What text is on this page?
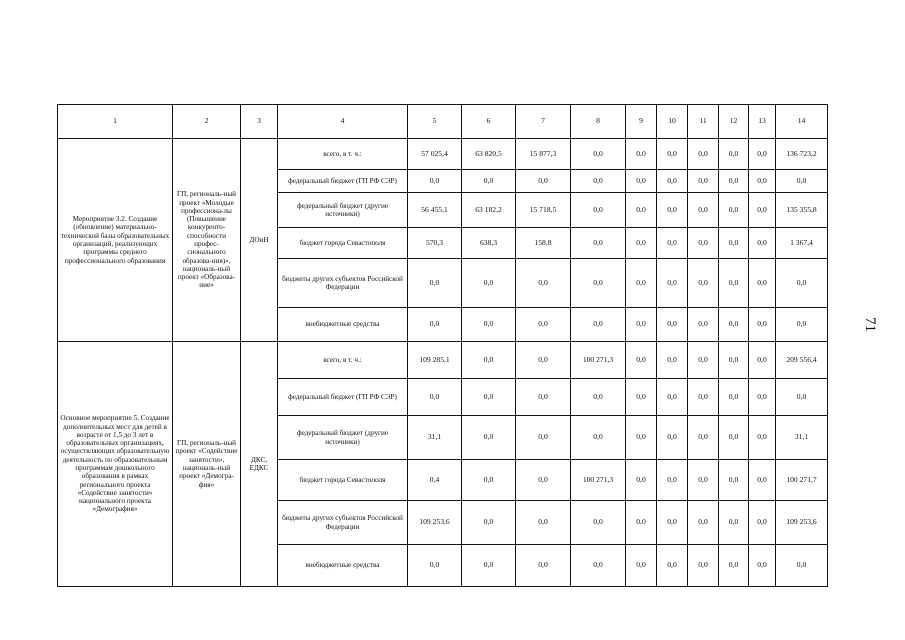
1	2	3	4	5	6	7	8	9	10	11	12	13	14
Мероприятие 3.2. Создание (обновление) материально-технической базы образовательных организаций, реализующих программы среднего профессионального образования	ГП, региональ-ный проект «Молодые профессиона-лы (Повышение конкуренто-способности профес-сионального образова-ния)», националь-ный проект «Образова-ние»	ДОиН	всего, в т. ч.:	57 025,4	63 820,5	15 877,3	0,0	0,0	0,0	0,0	0,0	0,0	136 723,2
			федеральный бюджет (ГП РФ СЭР)	0,0	0,0	0,0	0,0	0,0	0,0	0,0	0,0	0,0	0,0
			федеральный бюджет (другие источники)	56 455,1	63 182,2	15 718,5	0,0	0,0	0,0	0,0	0,0	0,0	135 355,8
			бюджет города Севастополя	570,3	638,3	158,8	0,0	0,0	0,0	0,0	0,0	0,0	1 367,4
			бюджеты других субъектов Российской Федерации	0,0	0,0	0,0	0,0	0,0	0,0	0,0	0,0	0,0	0,0
			внебюджетные средства	0,0	0,0	0,0	0,0	0,0	0,0	0,0	0,0	0,0	0,0
Основное мероприятие 5. Создание дополнительных мест для детей в возрасте от 1,5 до 3 лет в образовательных организациях, осуществляющих образовательную деятельность по образовательным программам дошкольного образования в рамках регионального проекта «Содействие занятости» национального проекта «Демография»	ГП, региональ-ный проект «Содействие занятости», националь-ный проект «Демогра-фия»	ДКС, ЕДКС	всего, в т. ч.:	109 285,1	0,0	0,0	100 271,3	0,0	0,0	0,0	0,0	0,0	209 556,4
			федеральный бюджет (ГП РФ СЭР)	0,0	0,0	0,0	0,0	0,0	0,0	0,0	0,0	0,0	0,0
			федеральный бюджет (другие источники)	31,1	0,0	0,0	0,0	0,0	0,0	0,0	0,0	0,0	31,1
			бюджет города Севастополя	0,4	0,0	0,0	100 271,3	0,0	0,0	0,0	0,0	0,0	100 271,7
			бюджеты других субъектов Российской Федерации	109 253,6	0,0	0,0	0,0	0,0	0,0	0,0	0,0	0,0	109 253,6
			внебюджетные средства	0,0	0,0	0,0	0,0	0,0	0,0	0,0	0,0	0,0	0,0
71
